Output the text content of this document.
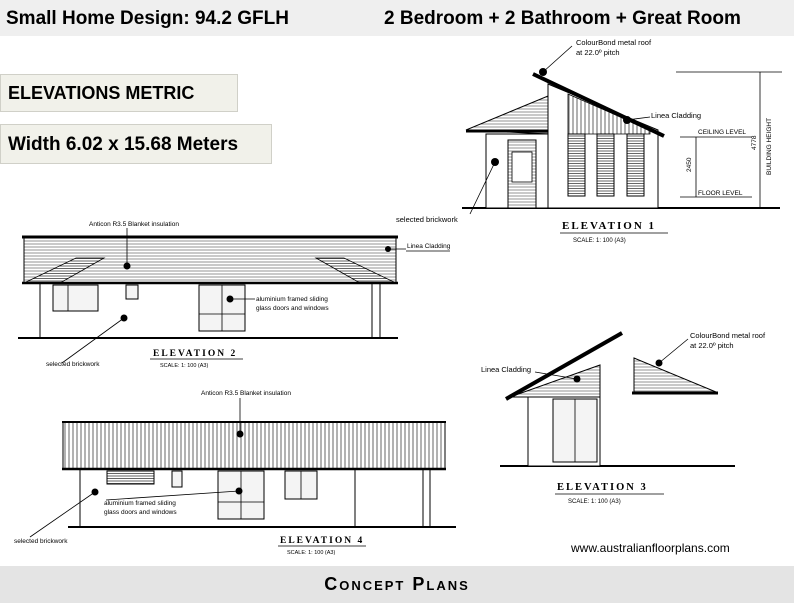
Small Home Design: 94.2 GFLH	2 Bedroom + 2 Bathroom + Great Room
ELEVATIONS METRIC
Width 6.02 x 15.68 Meters
ColourBond metal roof
at 22.0º pitch
Linea Cladding
CEILING LEVEL
FLOOR LEVEL
2450
4778 BUILDING HEIGHT
selected brickwork
ELEVATION 1
SCALE: 1: 100 (A3)
Anticon R3.5 Blanket insulation
Linea Cladding
aluminium framed sliding
glass doors and windows
selected brickwork
ELEVATION 2
SCALE: 1: 100 (A3)	Linea Cladding
ColourBond metal roof
at 22.0º pitch
ELEVATION 3
SCALE: 1: 100 (A3)
Anticon R3.5 Blanket insulation
aluminium framed sliding
glass doors and windows
selected brickwork	ELEVATION 4
SCALE: 1: 100 (A3)	www.australianfloorplans.com
Concept Plans
